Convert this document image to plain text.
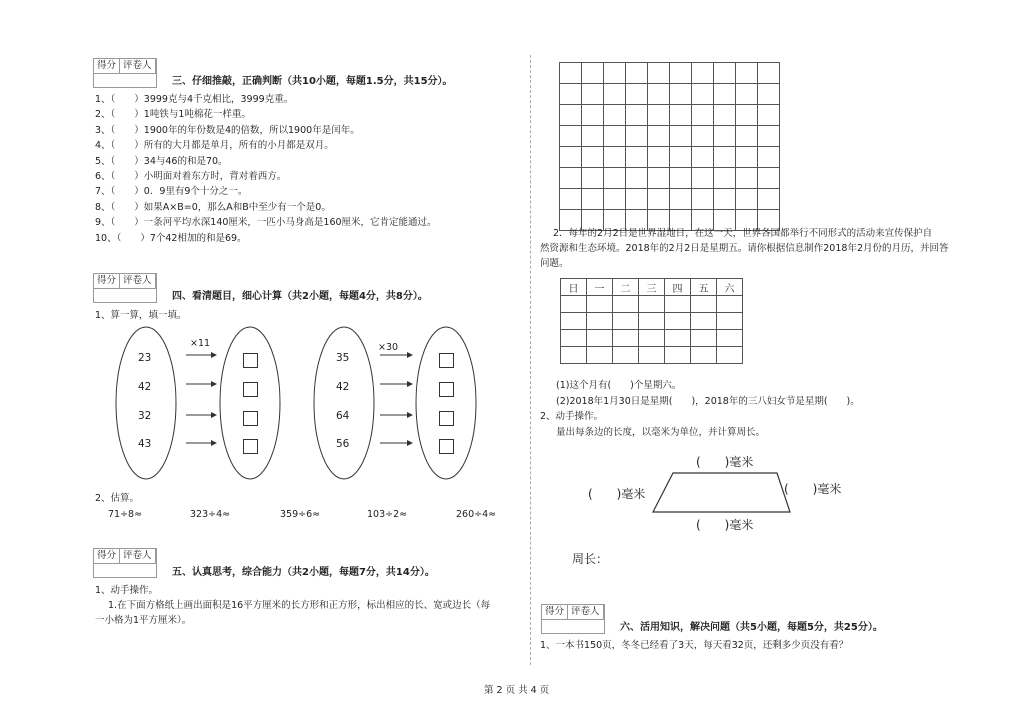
得分 评卷人
三、仔细推敲，正确判断（共10小题，每题1.5分，共15分）。
1、（　　）3999克与4千克相比，3999克重。
2、（　　）1吨铁与1吨棉花一样重。
3、（　　）1900年的年份数是4的倍数，所以1900年是闰年。
4、（　　）所有的大月都是单月，所有的小月都是双月。
5、（　　）34与46的和是70。
6、（　　）小明面对着东方时，背对着西方。
7、（　　）0．9里有9个十分之一。
8、（　　）如果A×B=0，那么A和B中至少有一个是0。
9、（　　）一条河平均水深140厘米，一匹小马身高是160厘米，它肯定能通过。
10、（　　）7个42相加的和是69。
得分 评卷人
四、看清题目，细心计算（共2小题，每题4分，共8分）。
1、算一算，填一填。
×11	×30
23
42
32
43
35
42
64
56
2、估算。
71÷8≈	323÷4≈	359÷6≈	103÷2≈	260÷4≈
得分 评卷人
五、认真思考，综合能力（共2小题，每题7分，共14分）。
1、动手操作。
1.在下面方格纸上画出面积是16平方厘米的长方形和正方形，标出相应的长、宽或边长（每
一小格为1平方厘米）。

2．每年的2月2日是世界湿地日，在这一天，世界各国都举行不同形式的活动来宣传保护自
然资源和生态环境。2018年的2月2日是星期五。请你根据信息制作2018年2月份的月历，并回答
问题。
日	一	二	三	四	五	六

(1)这个月有(　　)个星期六。
(2)2018年1月30日是星期(　　)，2018年的三八妇女节是星期(　　)。
2、动手操作。
量出每条边的长度，以毫米为单位，并计算周长。
(　　)毫米
(　　)毫米	(　　)毫米
(　　)毫米
周长：
得分 评卷人
六、活用知识，解决问题（共5小题，每题5分，共25分）。
1、一本书150页，冬冬已经看了3天，每天看32页，还剩多少页没有看？
第 2 页 共 4 页
